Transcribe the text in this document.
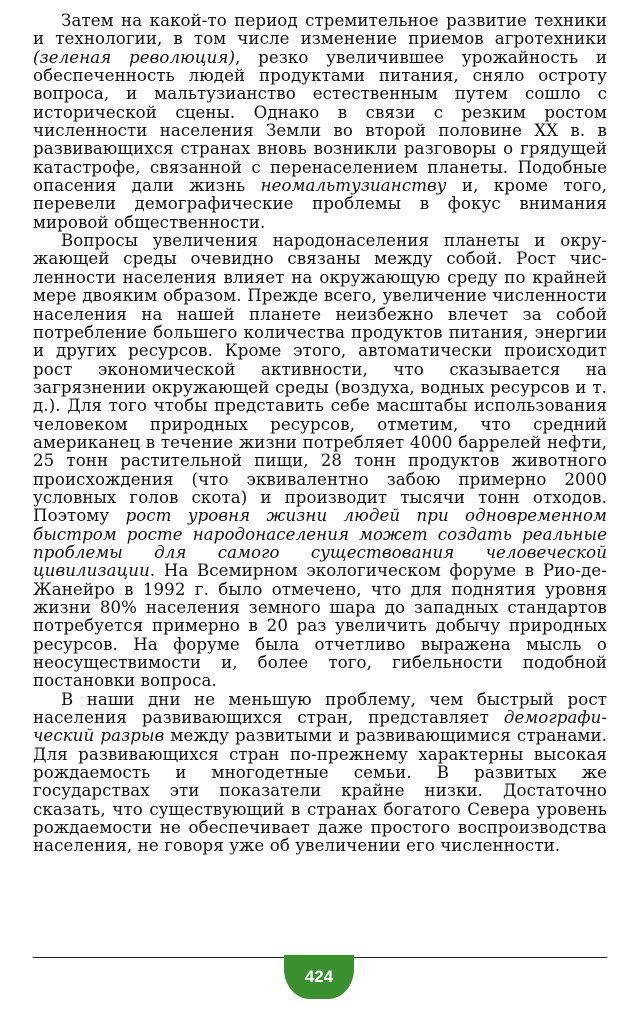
Затем на какой-то период стремительное развитие техники и технологии, в том числе изменение приемов агротехники (зеленая революция), резко увеличившее урожайность и обеспеченность людей продуктами питания, сняло остроту вопроса, и мальтузианство естественным путем сошло с исторической сцены. Однако в связи с резким ростом численности населения Земли во второй половине XX в. в развивающихся странах вновь возникли разговоры о грядущей катастрофе, связанной с перенаселением планеты. Подобные опасения дали жизнь неомальтузианству и, кроме того, перевели демографические проблемы в фокус внимания мировой общественности.

Вопросы увеличения народонаселения планеты и окружающей среды очевидно связаны между собой. Рост численности населения влияет на окружающую среду по крайней мере двояким образом. Прежде всего, увеличение численности населения на нашей планете неизбежно влечет за собой потребление большего количества продуктов питания, энергии и других ресурсов. Кроме этого, автоматически происходит рост экономической активности, что сказывается на загрязнении окружающей среды (воздуха, водных ресурсов и т. д.). Для того чтобы представить себе масштабы использования человеком природных ресурсов, отметим, что средний американец в течение жизни потребляет 4000 баррелей нефти, 25 тонн растительной пищи, 28 тонн продуктов животного происхождения (что эквивалентно забою примерно 2000 условных голов скота) и производит тысячи тонн отходов. Поэтому рост уровня жизни людей при одновременном быстром росте народонаселения может создать реальные проблемы для самого существования человеческой цивилизации. На Всемирном экологическом форуме в Рио-де-Жанейро в 1992 г. было отмечено, что для поднятия уровня жизни 80% населения земного шара до западных стандартов потребуется примерно в 20 раз увеличить добычу природных ресурсов. На форуме была отчетливо выражена мысль о неосуществимости и, более того, гибельности подобной постановки вопроса.

В наши дни не меньшую проблему, чем быстрый рост населения развивающихся стран, представляет демографический разрыв между развитыми и развивающимися странами. Для развивающихся стран по-прежнему характерны высокая рождаемость и многодетные семьи. В развитых же государствах эти показатели крайне низки. Достаточно сказать, что существующий в странах богатого Севера уровень рождаемости не обеспечивает даже простого воспроизводства населения, не говоря уже об увеличении его численности.

424
